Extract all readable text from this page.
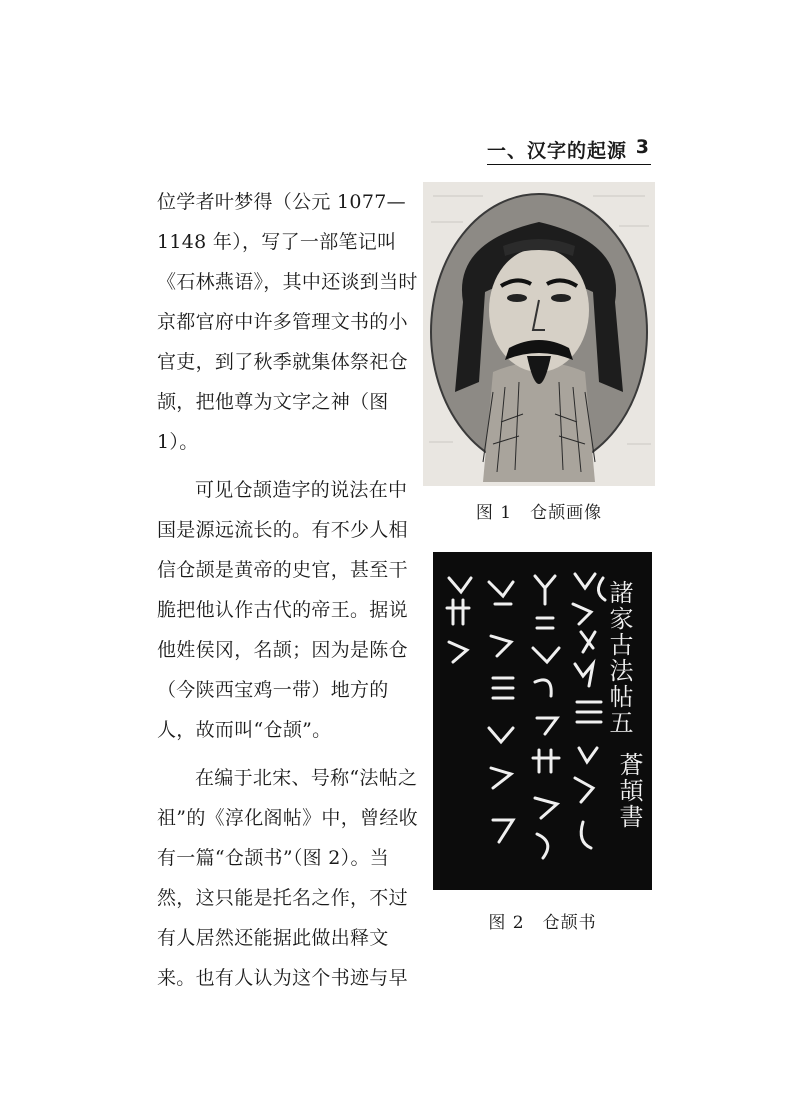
一、汉字的起源 3

位学者叶梦得（公元 1077—1148 年），写了一部笔记叫《石林燕语》，其中还谈到当时京都官府中许多管理文书的小官吏，到了秋季就集体祭祀仓颉，把他尊为文字之神（图 1）。

可见仓颉造字的说法在中国是源远流长的。有不少人相信仓颉是黄帝的史官，甚至干脆把他认作古代的帝王。据说他姓侯冈，名颉；因为是陈仓（今陕西宝鸡一带）地方的人，故而叫“仓颉”。

在编于北宋、号称“法帖之祖”的《淳化阁帖》中，曾经收有一篇“仓颉书”（图 2）。当然，这只能是托名之作，不过有人居然还能据此做出释文来。也有人认为这个书迹与早

图 1　仓颉画像
諸家古法帖五
蒼頡書
图 2　仓颉书
